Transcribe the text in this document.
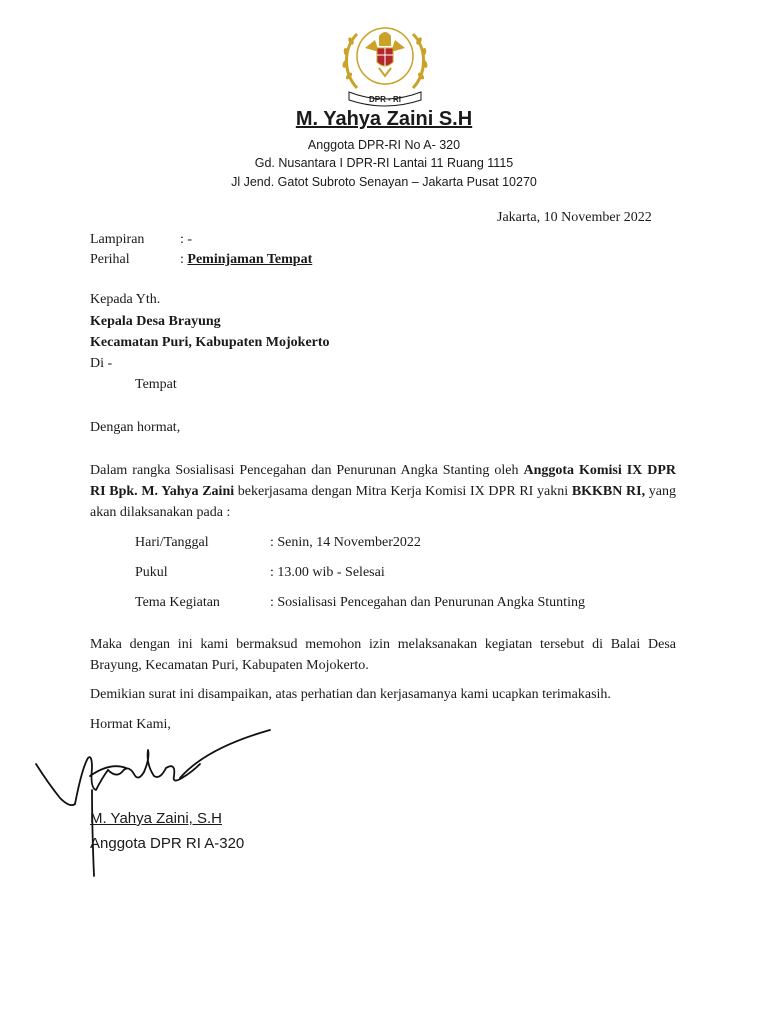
DPR - RI
M. Yahya Zaini S.H
Anggota DPR-RI No A- 320
Gd. Nusantara I DPR-RI Lantai 11 Ruang 1115
Jl Jend. Gatot Subroto Senayan – Jakarta Pusat 10270
Jakarta, 10 November 2022
Lampiran	: -
Perihal	: Peminjaman Tempat
Kepada Yth.
Kepala Desa Brayung
Kecamatan Puri, Kabupaten Mojokerto
Di -
Tempat
Dengan hormat,
Dalam rangka Sosialisasi Pencegahan dan Penurunan Angka Stanting oleh Anggota Komisi IX DPR RI Bpk. M. Yahya Zaini bekerjasama dengan Mitra Kerja Komisi IX DPR RI yakni BKKBN RI, yang akan dilaksanakan pada :
Hari/Tanggal	: Senin, 14 November2022
Pukul	: 13.00 wib - Selesai
Tema Kegiatan	: Sosialisasi Pencegahan dan Penurunan Angka Stunting
Maka dengan ini kami bermaksud memohon izin melaksanakan kegiatan tersebut di Balai Desa Brayung, Kecamatan Puri, Kabupaten Mojokerto.
Demikian surat ini disampaikan, atas perhatian dan kerjasamanya kami ucapkan terimakasih.
Hormat Kami,
M. Yahya Zaini, S.H
Anggota DPR RI A-320
